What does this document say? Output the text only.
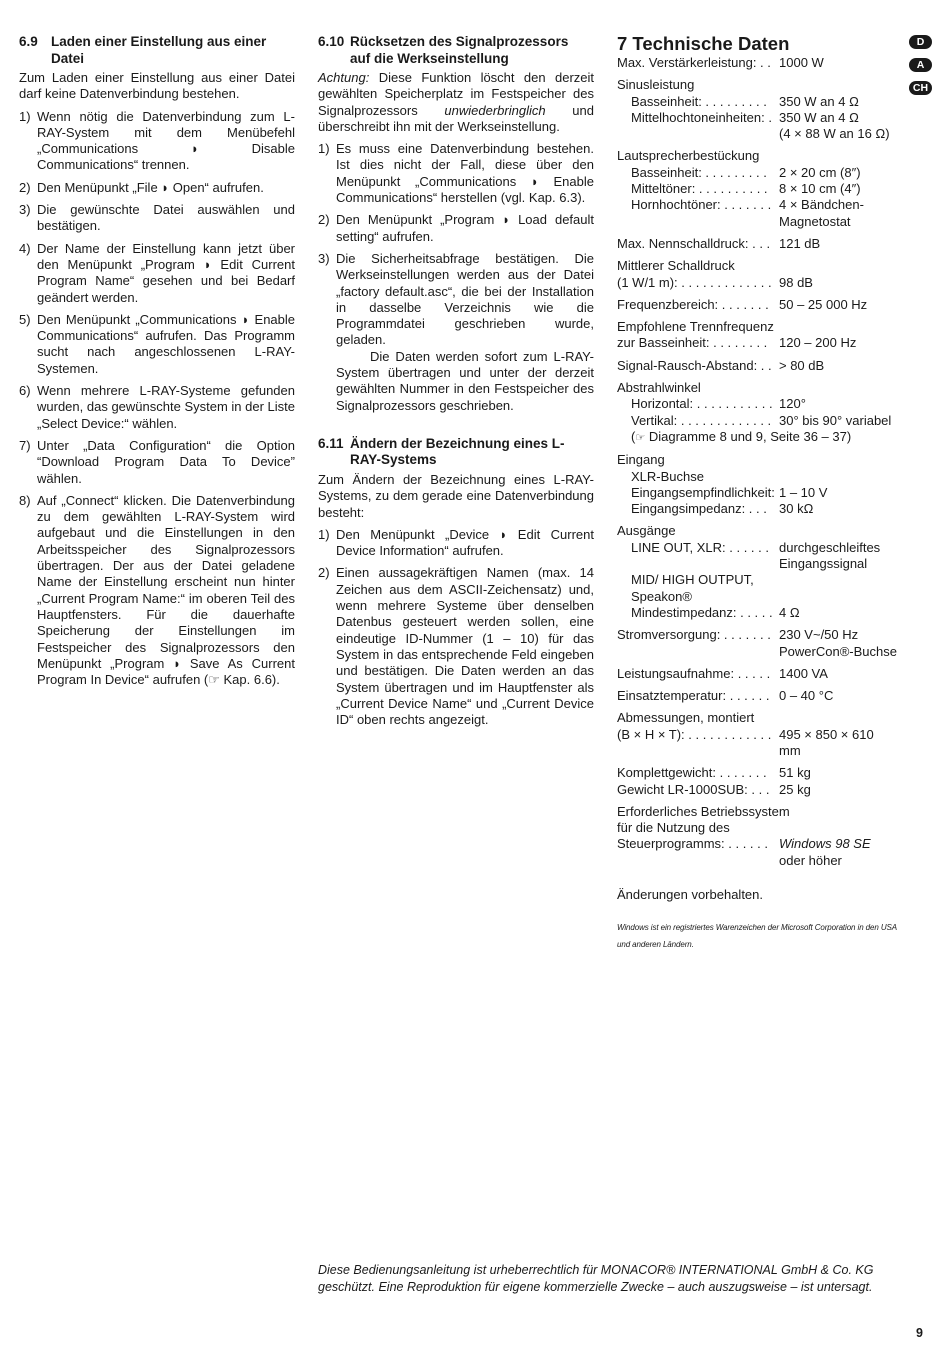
6.9 Laden einer Einstellung aus einer Datei

Zum Laden einer Einstellung aus einer Datei darf keine Datenverbindung bestehen.

1) Wenn nötig die Datenverbindung zum L-RAY-System mit dem Menübefehl „Communications ◗ Disable Communications“ trennen.
2) Den Menüpunkt „File ◗ Open“ aufrufen.
3) Die gewünschte Datei auswählen und bestätigen.
4) Der Name der Einstellung kann jetzt über den Menüpunkt „Program ◗ Edit Current Program Name“ gesehen und bei Bedarf geändert werden.
5) Den Menüpunkt „Communications ◗ Enable Communications“ aufrufen. Das Programm sucht nach angeschlossenen L-RAY-Systemen.
6) Wenn mehrere L-RAY-Systeme gefunden wurden, das gewünschte System in der Liste „Select Device:“ wählen.
7) Unter „Data Configuration“ die Option “Download Program Data To Device” wählen.
8) Auf „Connect“ klicken. Die Datenverbindung zu dem gewählten L-RAY-System wird aufgebaut und die Einstellungen in den Arbeitsspeicher des Signalprozessors übertragen. Der aus der Datei geladene Name der Einstellung erscheint nun hinter „Current Program Name:“ im oberen Teil des Hauptfensters. Für die dauerhafte Speicherung der Einstellungen im Festspeicher des Signalprozessors den Menüpunkt „Program ◗ Save As Current Program In Device“ aufrufen (☞ Kap. 6.6).
6.10 Rücksetzen des Signalprozessors auf die Werkseinstellung

Achtung: Diese Funktion löscht den derzeit gewählten Speicherplatz im Festspeicher des Signalprozessors unwiederbringlich und überschreibt ihn mit der Werkseinstellung.

1) Es muss eine Datenverbindung bestehen. Ist dies nicht der Fall, diese über den Menüpunkt „Communications ◗ Enable Communications“ herstellen (vgl. Kap. 6.3).
2) Den Menüpunkt „Program ◗ Load default setting“ aufrufen.
3) Die Sicherheitsabfrage bestätigen. Die Werkseinstellungen werden aus der Datei „factory default.asc“, die bei der Installation in dasselbe Verzeichnis wie die Programmdatei geschrieben wurde, geladen.

Die Daten werden sofort zum L-RAY-System übertragen und unter der derzeit gewählten Nummer in den Festspeicher des Signalprozessors geschrieben.

6.11 Ändern der Bezeichnung eines L-RAY-Systems

Zum Ändern der Bezeichnung eines L-RAY-Systems, zu dem gerade eine Datenverbindung besteht:

1) Den Menüpunkt „Device ◗ Edit Current Device Information“ aufrufen.
2) Einen aussagekräftigen Namen (max. 14 Zeichen aus dem ASCII-Zeichensatz) und, wenn mehrere Systeme über denselben Datenbus gesteuert werden sollen, eine eindeutige ID-Nummer (1 – 10) für das System in das entsprechende Feld eingeben und bestätigen. Die Daten werden an das System übertragen und im Hauptfenster als „Current Device Name“ und „Current Device ID“ oben rechts angezeigt.
7 Technische Daten
Max. Verstärkerleistung: . . 1000 W
Sinusleistung
Basseinheit: . . . . . . . . . 350 W an 4 Ω
Mittelhochtoneinheiten: . 350 W an 4 Ω
(4 × 88 W an 16 Ω)
Lautsprecherbestückung
Basseinheit: . . . . . . . . . 2 × 20 cm (8″)
Mitteltöner: . . . . . . . . . . 8 × 10 cm (4″)
Hornhochtöner: . . . . . . . 4 × Bändchen-
Magnetostat
Max. Nennschalldruck: . . . 121 dB
Mittlerer Schalldruck
(1 W/1 m): . . . . . . . . . . . . . 98 dB
Frequenzbereich: . . . . . . . 50 – 25 000 Hz
Empfohlene Trennfrequenz
zur Basseinheit: . . . . . . . . 120 – 200 Hz
Signal-Rausch-Abstand: . . > 80 dB
Abstrahlwinkel
Horizontal: . . . . . . . . . . . 120°
Vertikal: . . . . . . . . . . . . . 30° bis 90° variabel
(☞ Diagramme 8 und 9, Seite 36 – 37)
Eingang
XLR-Buchse
Eingangsempfindlichkeit: 1 – 10 V
Eingangsimpedanz: . . . 30 kΩ
Ausgänge
LINE OUT, XLR: . . . . . . durchgeschleiftes
Eingangssignal
MID/ HIGH OUTPUT,
Speakon®
Mindestimpedanz: . . . . . 4 Ω
Stromversorgung: . . . . . . . 230 V~/50 Hz
PowerCon®-Buchse
Leistungsaufnahme: . . . . . 1400 VA
Einsatztemperatur: . . . . . . 0 – 40 °C
Abmessungen, montiert
(B × H × T): . . . . . . . . . . . . 495 × 850 × 610 mm
Komplettgewicht: . . . . . . . 51 kg
Gewicht LR-1000SUB: . . . 25 kg
Erforderliches Betriebssystem
für die Nutzung des
Steuerprogramms: . . . . . . Windows 98 SE
oder höher

Änderungen vorbehalten.

Windows ist ein registriertes Warenzeichen der Microsoft Corporation in den USA und anderen Ländern.

D
A
CH
Diese Bedienungsanleitung ist urheberrechtlich für MONACOR® INTERNATIONAL GmbH & Co. KG geschützt. Eine Reproduktion für eigene kommerzielle Zwecke – auch auszugsweise – ist untersagt.
9
